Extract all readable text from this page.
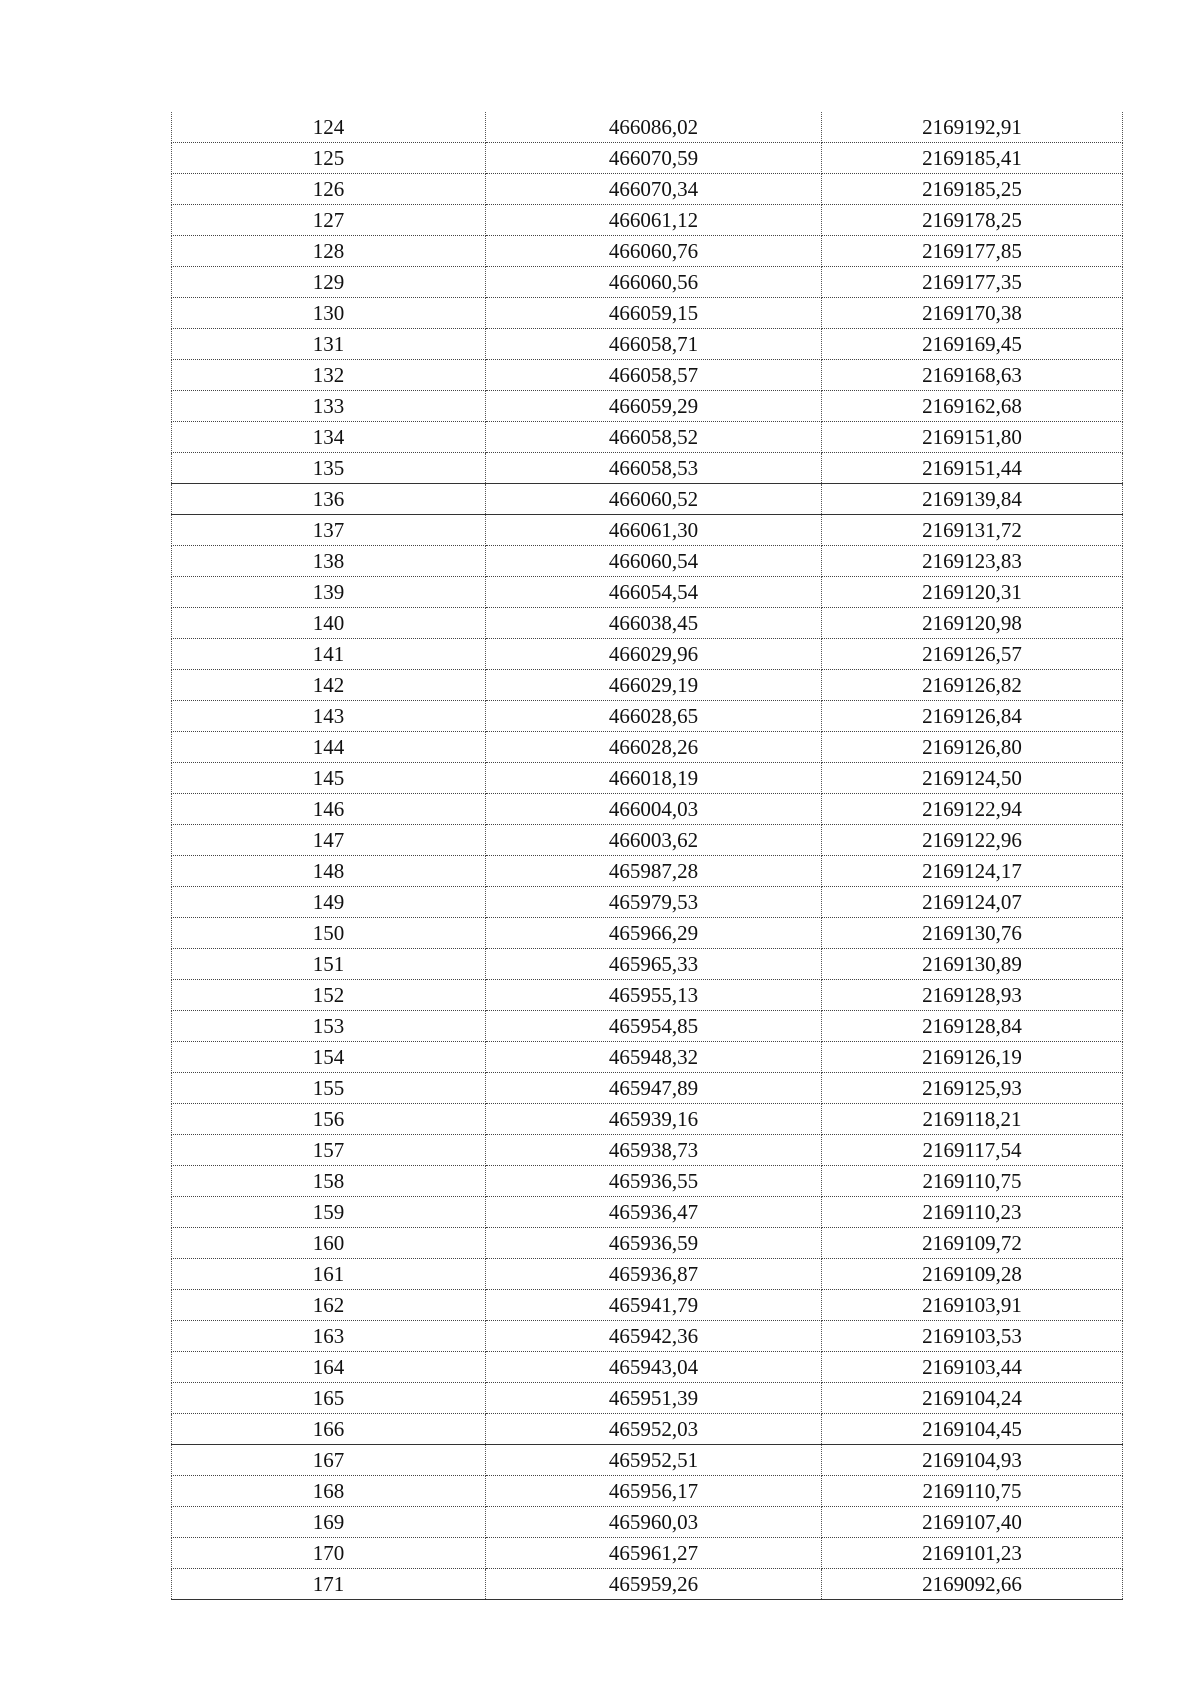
124	466086,02	2169192,91
125	466070,59	2169185,41
126	466070,34	2169185,25
127	466061,12	2169178,25
128	466060,76	2169177,85
129	466060,56	2169177,35
130	466059,15	2169170,38
131	466058,71	2169169,45
132	466058,57	2169168,63
133	466059,29	2169162,68
134	466058,52	2169151,80
135	466058,53	2169151,44
136	466060,52	2169139,84
137	466061,30	2169131,72
138	466060,54	2169123,83
139	466054,54	2169120,31
140	466038,45	2169120,98
141	466029,96	2169126,57
142	466029,19	2169126,82
143	466028,65	2169126,84
144	466028,26	2169126,80
145	466018,19	2169124,50
146	466004,03	2169122,94
147	466003,62	2169122,96
148	465987,28	2169124,17
149	465979,53	2169124,07
150	465966,29	2169130,76
151	465965,33	2169130,89
152	465955,13	2169128,93
153	465954,85	2169128,84
154	465948,32	2169126,19
155	465947,89	2169125,93
156	465939,16	2169118,21
157	465938,73	2169117,54
158	465936,55	2169110,75
159	465936,47	2169110,23
160	465936,59	2169109,72
161	465936,87	2169109,28
162	465941,79	2169103,91
163	465942,36	2169103,53
164	465943,04	2169103,44
165	465951,39	2169104,24
166	465952,03	2169104,45
167	465952,51	2169104,93
168	465956,17	2169110,75
169	465960,03	2169107,40
170	465961,27	2169101,23
171	465959,26	2169092,66
